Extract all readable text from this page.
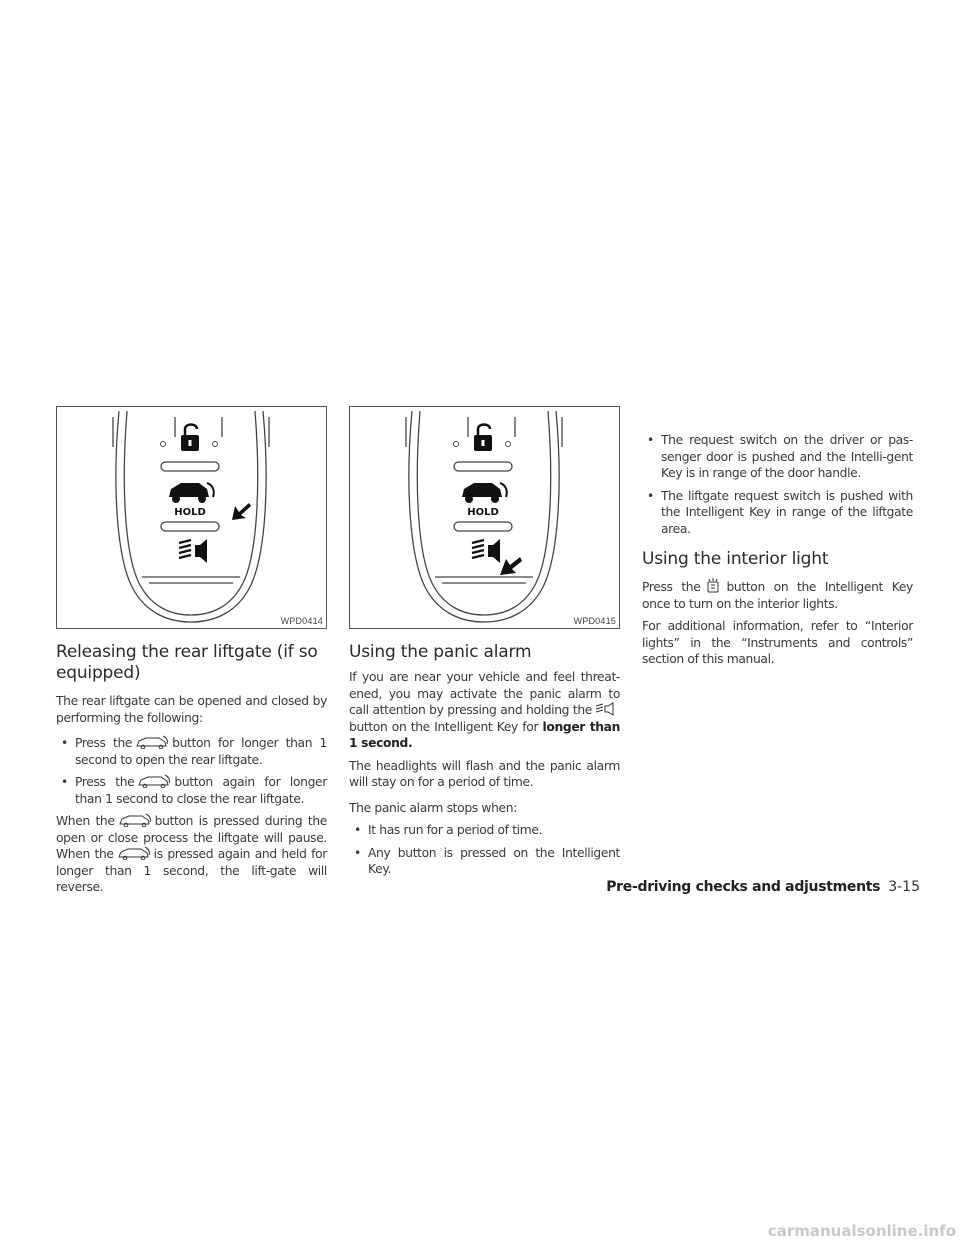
HOLD
WPD0414
Releasing the rear liftgate (if so equipped)

The rear liftgate can be opened and closed by performing the following:

• Press the	button for longer than 1 second to open the rear liftgate.
• Press the	button again for longer than 1 second to close the rear liftgate.

When the	button is pressed during the open or close process the liftgate will pause. When the	is pressed again and held for longer than 1 second, the lift-gate will reverse.

HOLD
WPD0415
Using the panic alarm

If you are near your vehicle and feel threat-ened, you may activate the panic alarm to call attention by pressing and holding thebutton on the Intelligent Key for longer than 1 second.

The headlights will flash and the panic alarm will stay on for a period of time.

The panic alarm stops when:

• It has run for a period of time.
• Any button is pressed on the Intelligent Key.
• The request switch on the driver or pas-senger door is pushed and the Intelli-gent Key is in range of the door handle.
• The liftgate request switch is pushed with the Intelligent Key in range of the liftgate area.
Using the interior light

Press the button on the Intelligent Key once to turn on the interior lights.

For additional information, refer to “Interior lights” in the “Instruments and controls” section of this manual.

Pre-driving checks and adjustments 3-15
carmanualsonline.info
